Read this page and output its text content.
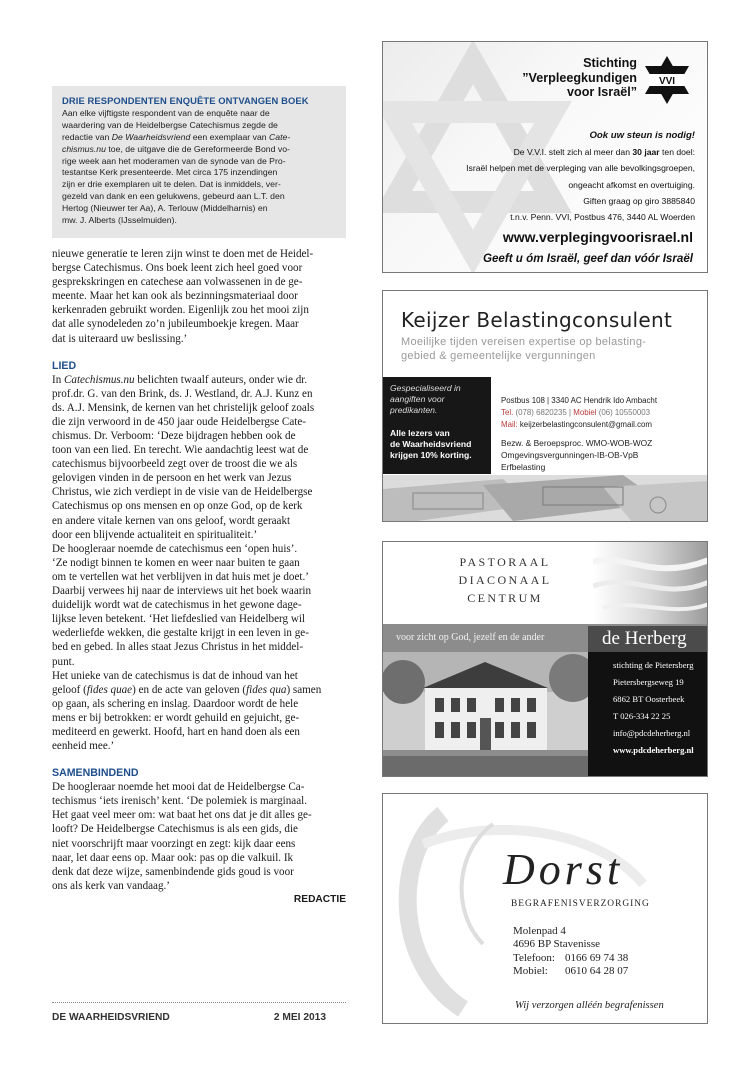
DRIE RESPONDENTEN ENQUÊTE ONTVANGEN BOEK

Aan elke vijftigste respondent van de enquête naar de
waardering van de Heidelbergse Catechismus zegde de
redactie van De Waarheidsvriend een exemplaar van Cate-
chismus.nu toe, de uitgave die de Gereformeerde Bond vo-
rige week aan het moderamen van de synode van de Pro-
testantse Kerk presenteerde. Met circa 175 inzendingen
zijn er drie exemplaren uit te delen. Dat is inmiddels, ver-
gezeld van dank en een gelukwens, gebeurd aan L.T. den
Hertog (Nieuwer ter Aa), A. Terlouw (Middelharnis) en
mw. J. Alberts (IJsselmuiden).

nieuwe generatie te leren zijn winst te doen met de Heidel-
bergse Catechismus. Ons boek leent zich heel goed voor
gesprekskringen en catechese aan volwassenen in de ge-
meente. Maar het kan ook als bezinningsmateriaal door
kerkenraden gebruikt worden. Eigenlijk zou het mooi zijn
dat alle synodeleden zo’n jubileumboekje kregen. Maar
dat is uiteraard uw beslissing.’

LIED

In Catechismus.nu belichten twaalf auteurs, onder wie dr.
prof.dr. G. van den Brink, ds. J. Westland, dr. A.J. Kunz en
ds. A.J. Mensink, de kernen van het christelijk geloof zoals
die zijn verwoord in de 450 jaar oude Heidelbergse Cate-
chismus. Dr. Verboom: ‘Deze bijdragen hebben ook de
toon van een lied. En terecht. Wie aandachtig leest wat de
catechismus bijvoorbeeld zegt over de troost die we als
gelovigen vinden in de persoon en het werk van Jezus
Christus, wie zich verdiept in de visie van de Heidelbergse
Catechismus op ons mensen en op onze God, op de kerk
en andere vitale kernen van ons geloof, wordt geraakt
door een blijvende actualiteit en spiritualiteit.’

De hoogleraar noemde de catechismus een ‘open huis’.
‘Ze nodigt binnen te komen en weer naar buiten te gaan
om te vertellen wat het verblijven in dat huis met je doet.’
Daarbij verwees hij naar de interviews uit het boek waarin
duidelijk wordt wat de catechismus in het gewone dage-
lijkse leven betekent. ‘Het liefdeslied van Heidelberg wil
wederliefde wekken, die gestalte krijgt in een leven in ge-
bed en gebed. In alles staat Jezus Christus in het middel-
punt.

Het unieke van de catechismus is dat de inhoud van het
geloof (fides quae) en de acte van geloven (fides qua) samen
op gaan, als schering en inslag. Daardoor wordt de hele
mens er bij betrokken: er wordt gehuild en gejuicht, ge-
mediteerd en gewerkt. Hoofd, hart en hand doen als een
eenheid mee.’

SAMENBINDEND

De hoogleraar noemde het mooi dat de Heidelbergse Ca-
techismus ‘iets irenisch’ kent. ‘De polemiek is marginaal.
Het gaat veel meer om: wat baat het ons dat je dit alles ge-
looft? De Heidelbergse Catechismus is als een gids, die
niet voorschrijft maar voorzingt en zegt: kijk daar eens
naar, let daar eens op. Maar ook: pas op die valkuil. Ik
denk dat deze wijze, samenbindende gids goud is voor
ons als kerk van vandaag.’

REDACTIE
DE WAARHEIDSVRIEND	2 MEI 2013
Stichting
”Verpleegkundigen
voor Israël”
VVI
Ook uw steun is nodig!
De V.V.I. stelt zich al meer dan 30 jaar ten doel:
Israël helpen met de verpleging van alle bevolkingsgroepen,
ongeacht afkomst en overtuiging.
Giften graag op giro 3885840
t.n.v. Penn. VVI, Postbus 476, 3440 AL Woerden
www.verplegingvoorisrael.nl
Geeft u óm Israël, geef dan vóór Israël
Keijzer Belastingconsulent
Moeilijke tijden vereisen expertise op belasting-
gebied & gemeentelijke vergunningen
Gespecialiseerd in
aangiften voor
predikanten.
Alle lezers van
de Waarheidsvriend
krijgen 10% korting.
Postbus 108 | 3340 AC Hendrik Ido Ambacht
Tel. (078) 6820235 | Mobiel (06) 10550003
Mail: keijzerbelastingconsulent@gmail.com
Bezw. & Beroepsproc. WMO-WOB-WOZ
Omgevingsvergunningen-IB-OB-VpB
Erfbelasting
PASTORAAL
DIACONAAL
CENTRUM
voor zicht op God, jezelf en de ander	de Herberg
stichting de Pietersberg
Pietersbergseweg 19
6862 BT Oosterbeek
T 026-334 22 25
info@pdcdeherberg.nl
www.pdcdeherberg.nl
Dorst
BEGRAFENISVERZORGING
Molenpad 4
4696 BP Stavenisse
Telefoon: 0166 69 74 38
Mobiel: 0610 64 28 07
Wij verzorgen alléén begrafenissen
